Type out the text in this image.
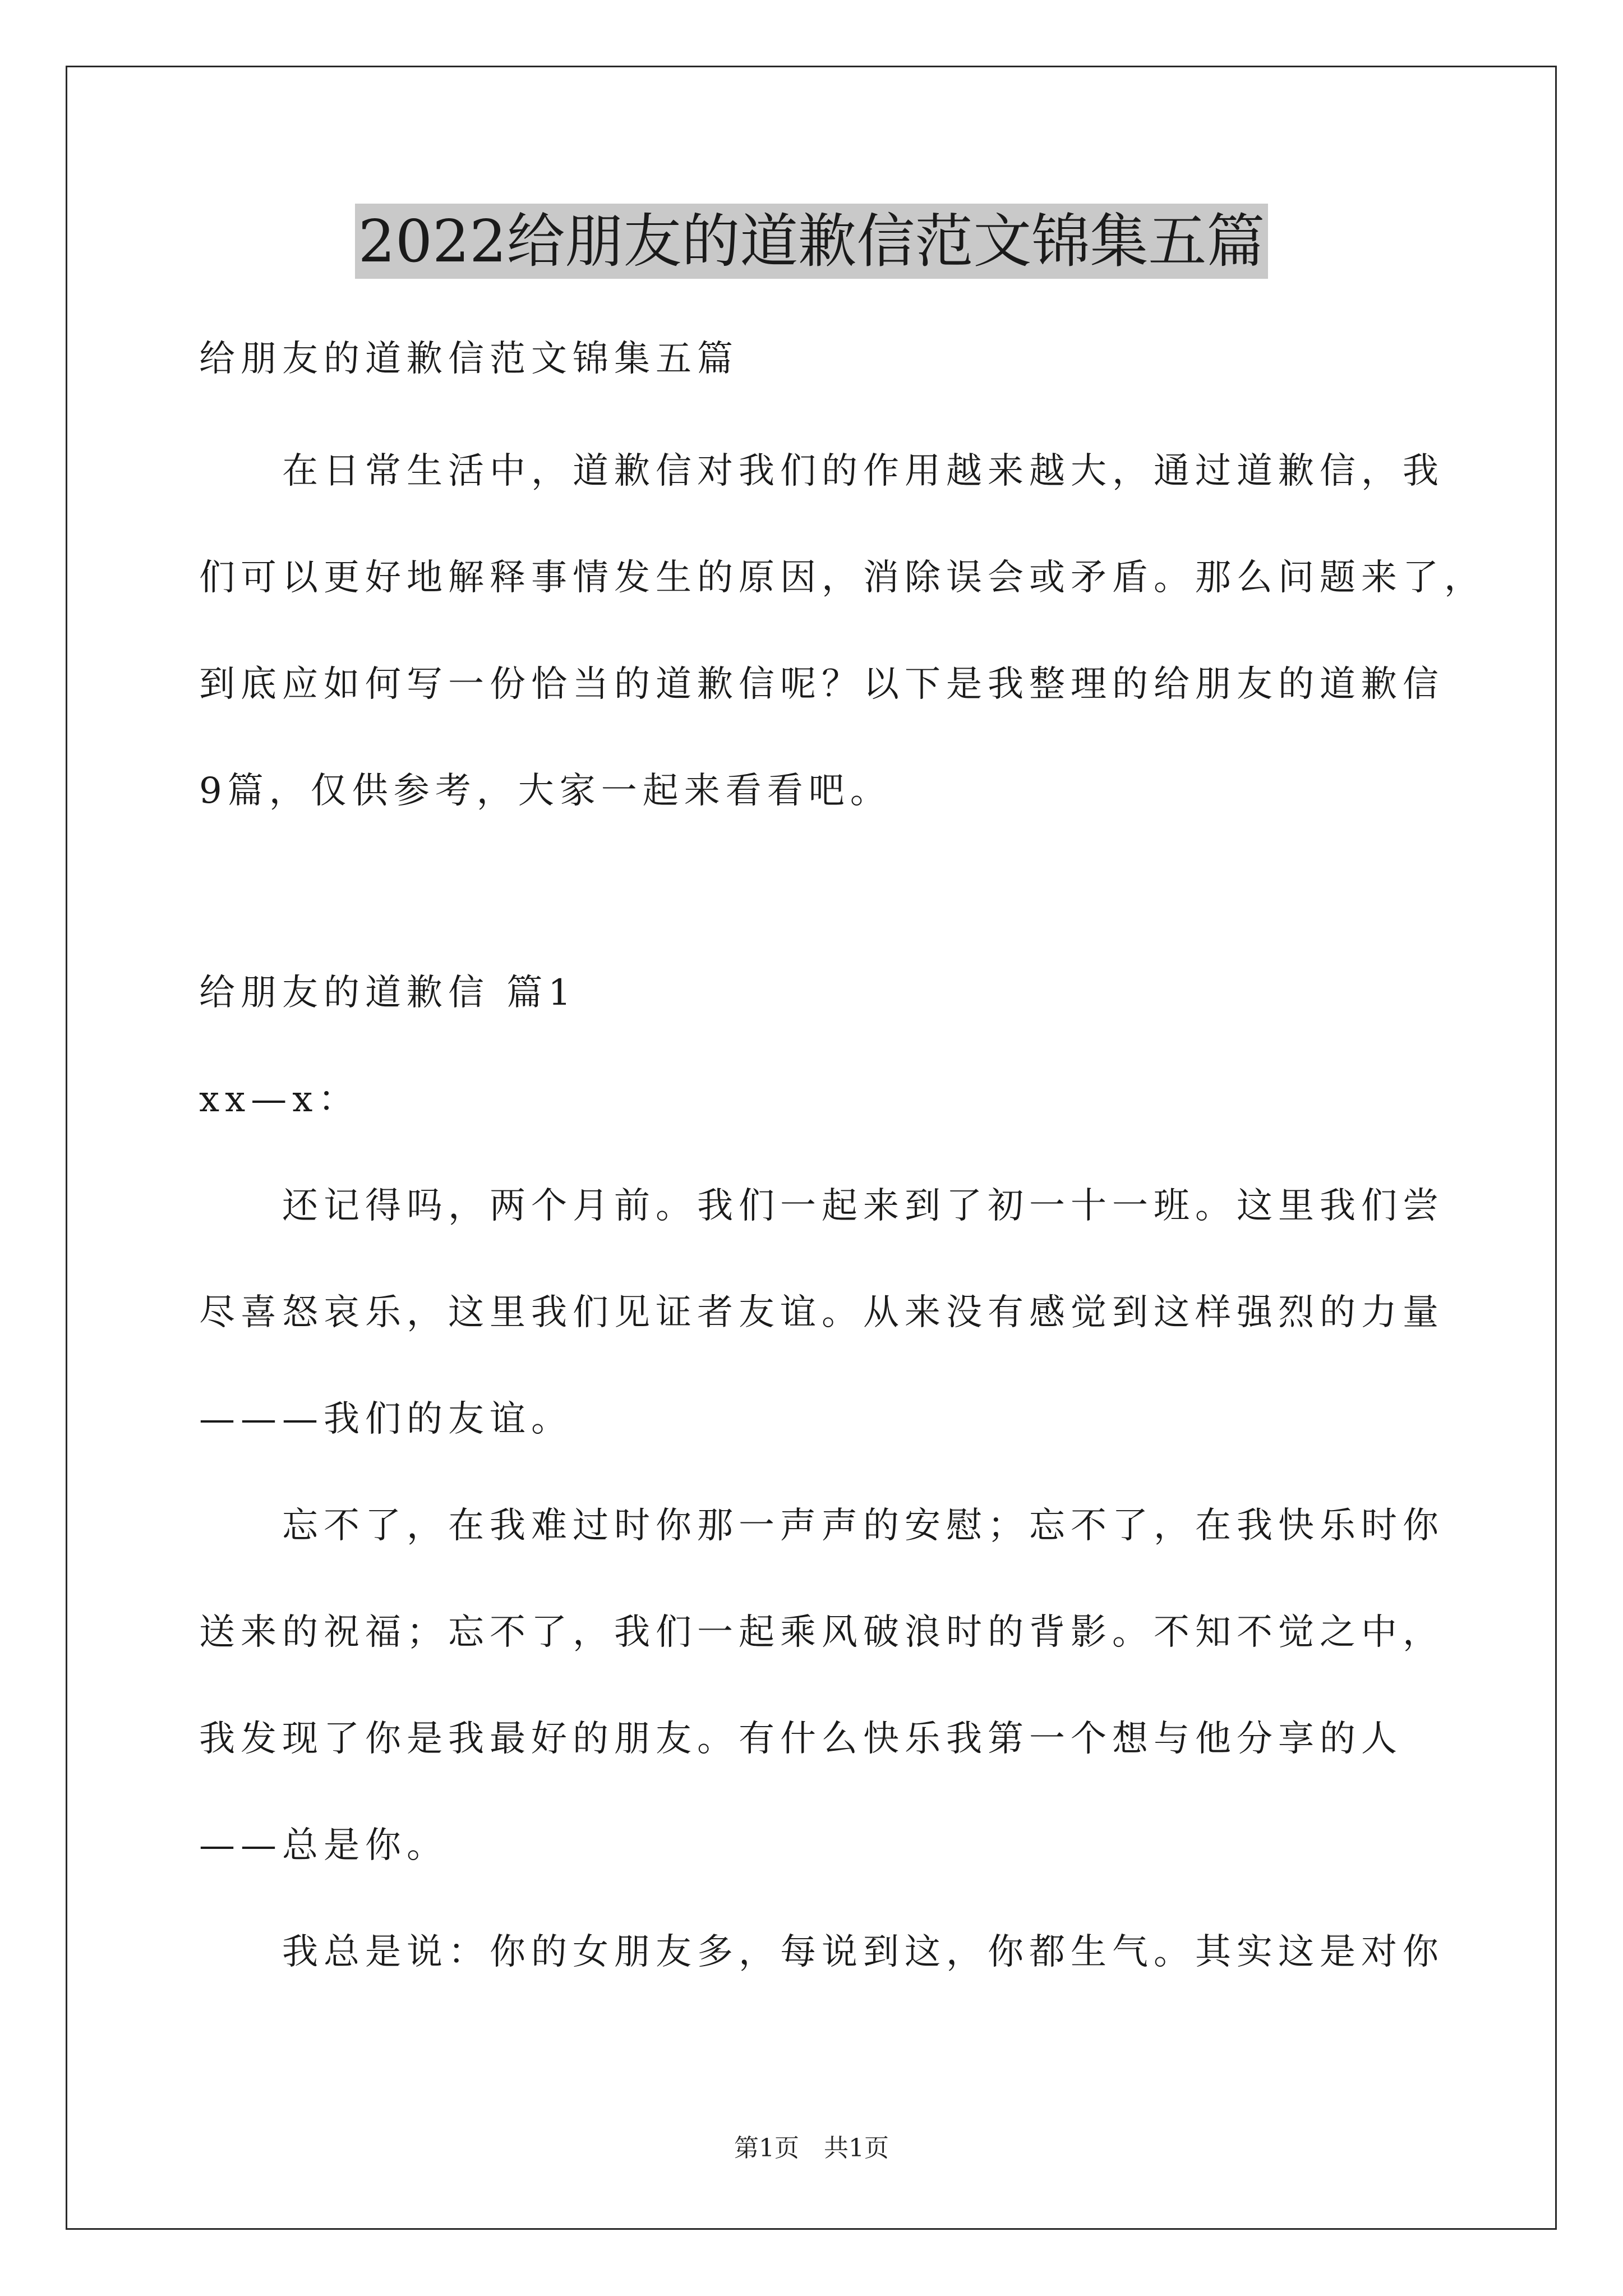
2022给朋友的道歉信范文锦集五篇
给朋友的道歉信范文锦集五篇
在日常生活中，道歉信对我们的作用越来越大，通过道歉信，我
们可以更好地解释事情发生的原因，消除误会或矛盾。那么问题来了，
到底应如何写一份恰当的道歉信呢？以下是我整理的给朋友的道歉信
9篇，仅供参考，大家一起来看看吧。
给朋友的道歉信 篇1
xx—x：
还记得吗，两个月前。我们一起来到了初一十一班。这里我们尝
尽喜怒哀乐，这里我们见证者友谊。从来没有感觉到这样强烈的力量
———我们的友谊。
忘不了，在我难过时你那一声声的安慰；忘不了，在我快乐时你
送来的祝福；忘不了，我们一起乘风破浪时的背影。不知不觉之中，
我发现了你是我最好的朋友。有什么快乐我第一个想与他分享的人
——总是你。
我总是说：你的女朋友多，每说到这，你都生气。其实这是对你
第1页　共1页
